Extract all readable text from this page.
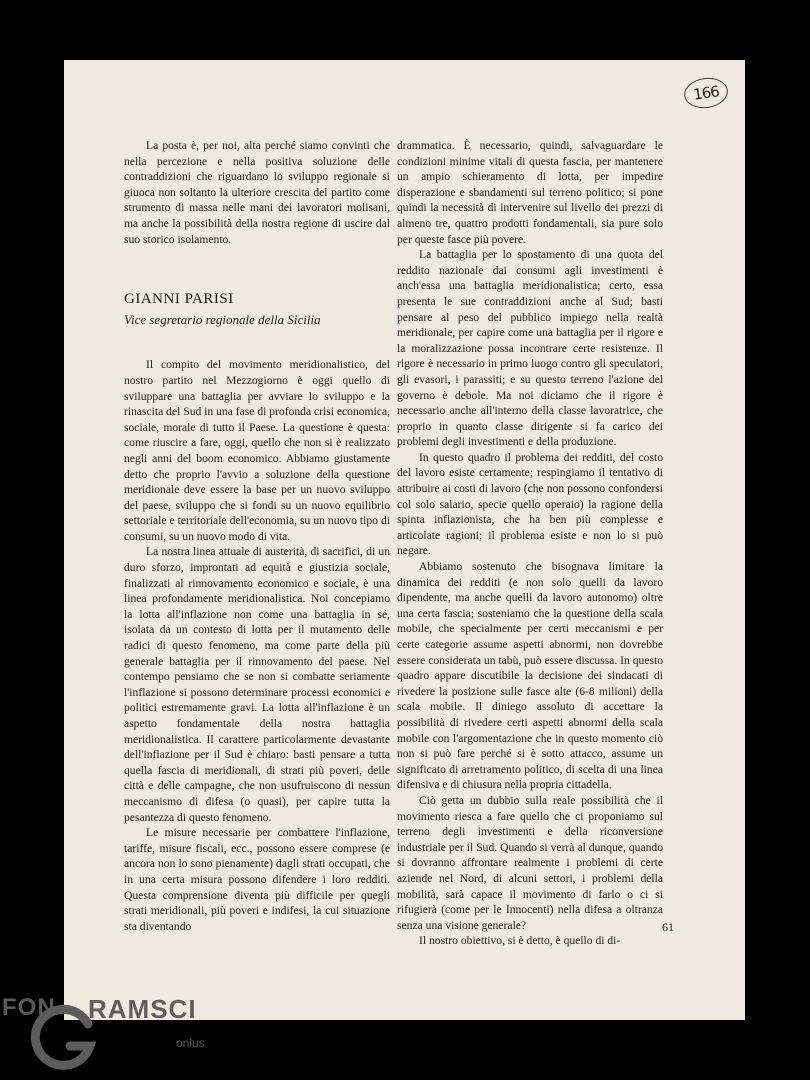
166

La posta è, per noi, alta perché siamo convinti che nella percezione e nella positiva soluzione delle contraddizioni che riguardano lo sviluppo regionale si giuoca non soltanto la ulteriore crescita del partito come strumento di massa nelle mani dei lavoratori molisani, ma anche la possibilità della nostra regione di uscire dal suo storico isolamento.

GIANNI PARISI
Vice segretario regionale della Sicilia

Il compito del movimento meridionalistico, del nostro partito nel Mezzogiorno è oggi quello di sviluppare una battaglia per avviare lo sviluppo e la rinascita del Sud in una fase di profonda crisi economica, sociale, morale di tutto il Paese. La questione è questa: come riuscire a fare, oggi, quello che non si è realizzato negli anni del boom economico. Abbiamo giustamente detto che proprio l'avvio a soluzione della questione meridionale deve essere la base per un nuovo sviluppo del paese, sviluppo che si fondi su un nuovo equilibrio settoriale e territoriale dell'economia, su un nuovo tipo di consumi, su un nuovo modo di vita.

La nostra linea attuale di austerità, di sacrifici, di un duro sforzo, improntati ad equità e giustizia sociale, finalizzati al rinnovamento economico e sociale, è una linea profondamente meridionalistica. Noi concepiamo la lotta all'inflazione non come una battaglia in sé, isolata da un contesto di lotta per il mutamento delle radici di questo fenomeno, ma come parte della più generale battaglia per il rinnovamento del paese. Nel contempo pensiamo che se non si combatte seriamente l'inflazione si possono determinare processi economici e politici estremamente gravi. La lotta all'inflazione è un aspetto fondamentale della nostra battaglia meridionalistica. Il carattere particolarmente devastante dell'inflazione per il Sud è chiaro: basti pensare a tutta quella fascia di meridionali, di strati più poveri, delle città e delle campagne, che non usufruiscono di nessun meccanismo di difesa (o quasi), per capire tutta la pesantezza di questo fenomeno.

Le misure necessarie per combattere l'inflazione, tariffe, misure fiscali, ecc., possono essere comprese (e ancora non lo sono pienamente) dagli strati occupati, che in una certa misura possono difendere i loro redditi. Questa comprensione diventa più difficile per quegli strati meridionali, più poveri e indifesi, la cui situazione sta diventando

drammatica. È necessario, quindi, salvaguardare le condizioni minime vitali di questa fascia, per mantenere un ampio schieramento di lotta, per impedire disperazione e sbandamenti sul terreno politico; si pone quindi la necessità di intervenire sul livello dei prezzi di almeno tre, quattro prodotti fondamentali, sia pure solo per queste fasce più povere.

La battaglia per lo spostamento di una quota del reddito nazionale dai consumi agli investimenti è anch'essa una battaglia meridionalistica; certo, essa presenta le sue contraddizioni anche al Sud; basti pensare al peso del pubblico impiego nella realtà meridionale, per capire come una battaglia per il rigore e la moralizzazione possa incontrare certe resistenze. Il rigore è necessario in primo luogo contro gli speculatori, gli evasori, i parassiti; e su questo terreno l'azione del governo è debole. Ma noi diciamo che il rigore è necessario anche all'interno della classe lavoratrice, che proprio in quanto classe dirigente si fa carico dei problemi degli investimenti e della produzione.

In questo quadro il problema dei redditi, del costo del lavoro esiste certamente; respingiamo il tentativo di attribuire ai costi di lavoro (che non possono confondersi col solo salario, specie quello operaio) la ragione della spinta inflazionista, che ha ben più complesse e articolate ragioni; il problema esiste e non lo si può negare.

Abbiamo sostenuto che bisognava limitare la dinamica dei redditi (e non solo quelli da lavoro dipendente, ma anche quelli da lavoro autonomo) oltre una certa fascia; sosteniamo che la questione della scala mobile, che specialmente per certi meccanismi e per certe categorie assume aspetti abnormi, non dovrebbe essere considerata un tabù, può essere discussa. In questo quadro appare discutibile la decisione dei sindacati di rivedere la posizione sulle fasce alte (6-8 milioni) della scala mobile. Il diniego assoluto di accettare la possibilità di rivedere certi aspetti abnormi della scala mobile con l'argomentazione che in questo momento ciò non si può fare perché si è sotto attacco, assume un significato di arretramento politico, di scelta di una linea difensiva e di chiusura nella propria cittadella.

Ciò getta un dubbio sulla reale possibilità che il movimento riesca a fare quello che ci proponiamo sul terreno degli investimenti e della riconversione industriale per il Sud. Quando si verrà al dunque, quando si dovranno affrontare realmente i problemi di certe aziende nel Nord, di alcuni settori, i problemi della mobilità, sarà capace il movimento di farlo o ci si rifugierà (come per le Innocenti) nella difesa a oltranza senza una visione generale?

Il nostro obiettivo, si è detto, è quello di di-

61
FON RAMSCI
onlus
